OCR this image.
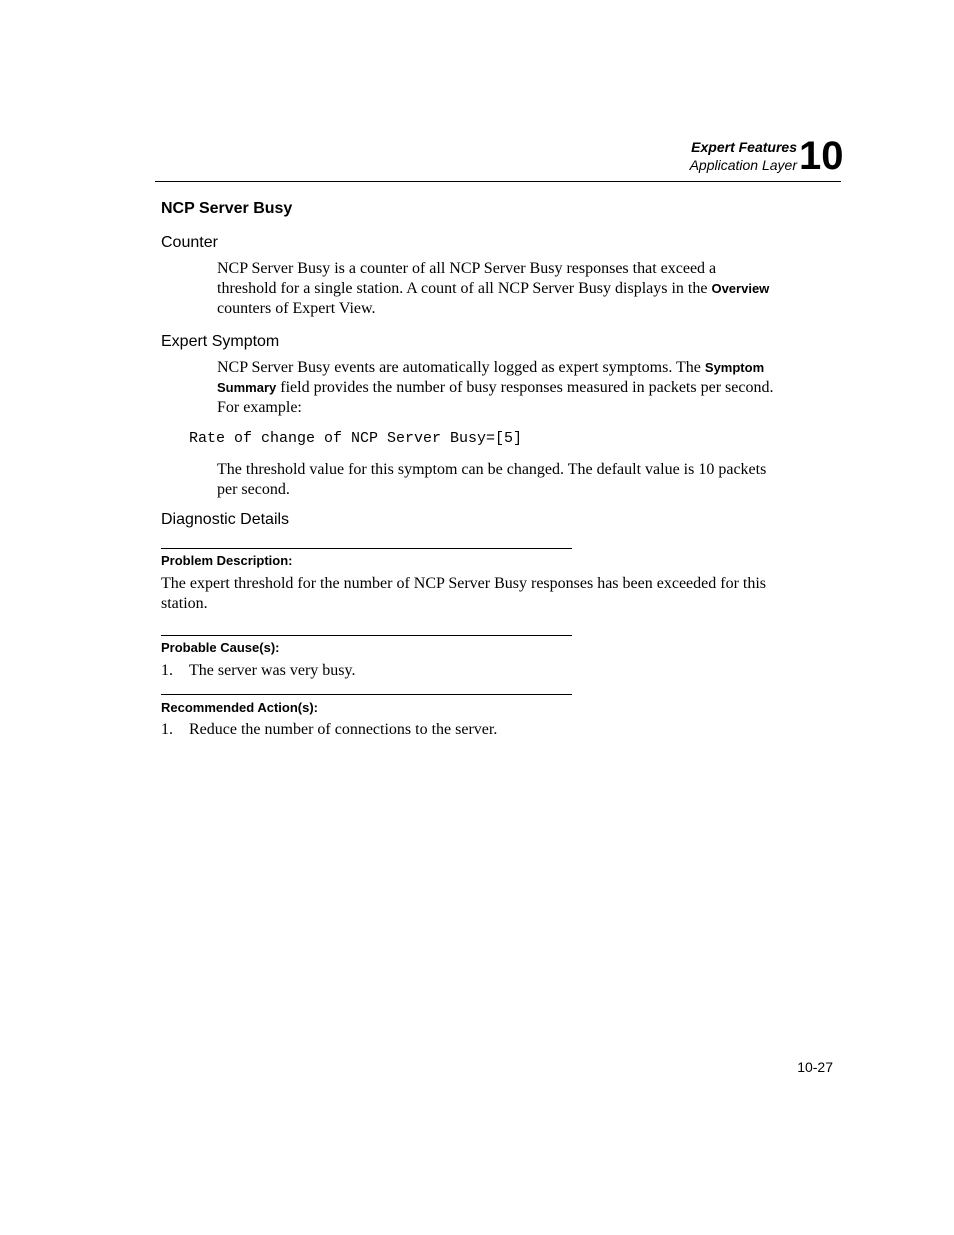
Expert Features
Application Layer 10
NCP Server Busy
Counter
NCP Server Busy is a counter of all NCP Server Busy responses that exceed a threshold for a single station. A count of all NCP Server Busy displays in the Overview counters of Expert View.
Expert Symptom
NCP Server Busy events are automatically logged as expert symptoms. The Symptom Summary field provides the number of busy responses measured in packets per second. For example:
Rate of change of NCP Server Busy=[5]
The threshold value for this symptom can be changed. The default value is 10 packets per second.
Diagnostic Details
Problem Description:
The expert threshold for the number of NCP Server Busy responses has been exceeded for this station.
Probable Cause(s):
1. The server was very busy.
Recommended Action(s):
1. Reduce the number of connections to the server.
10-27
